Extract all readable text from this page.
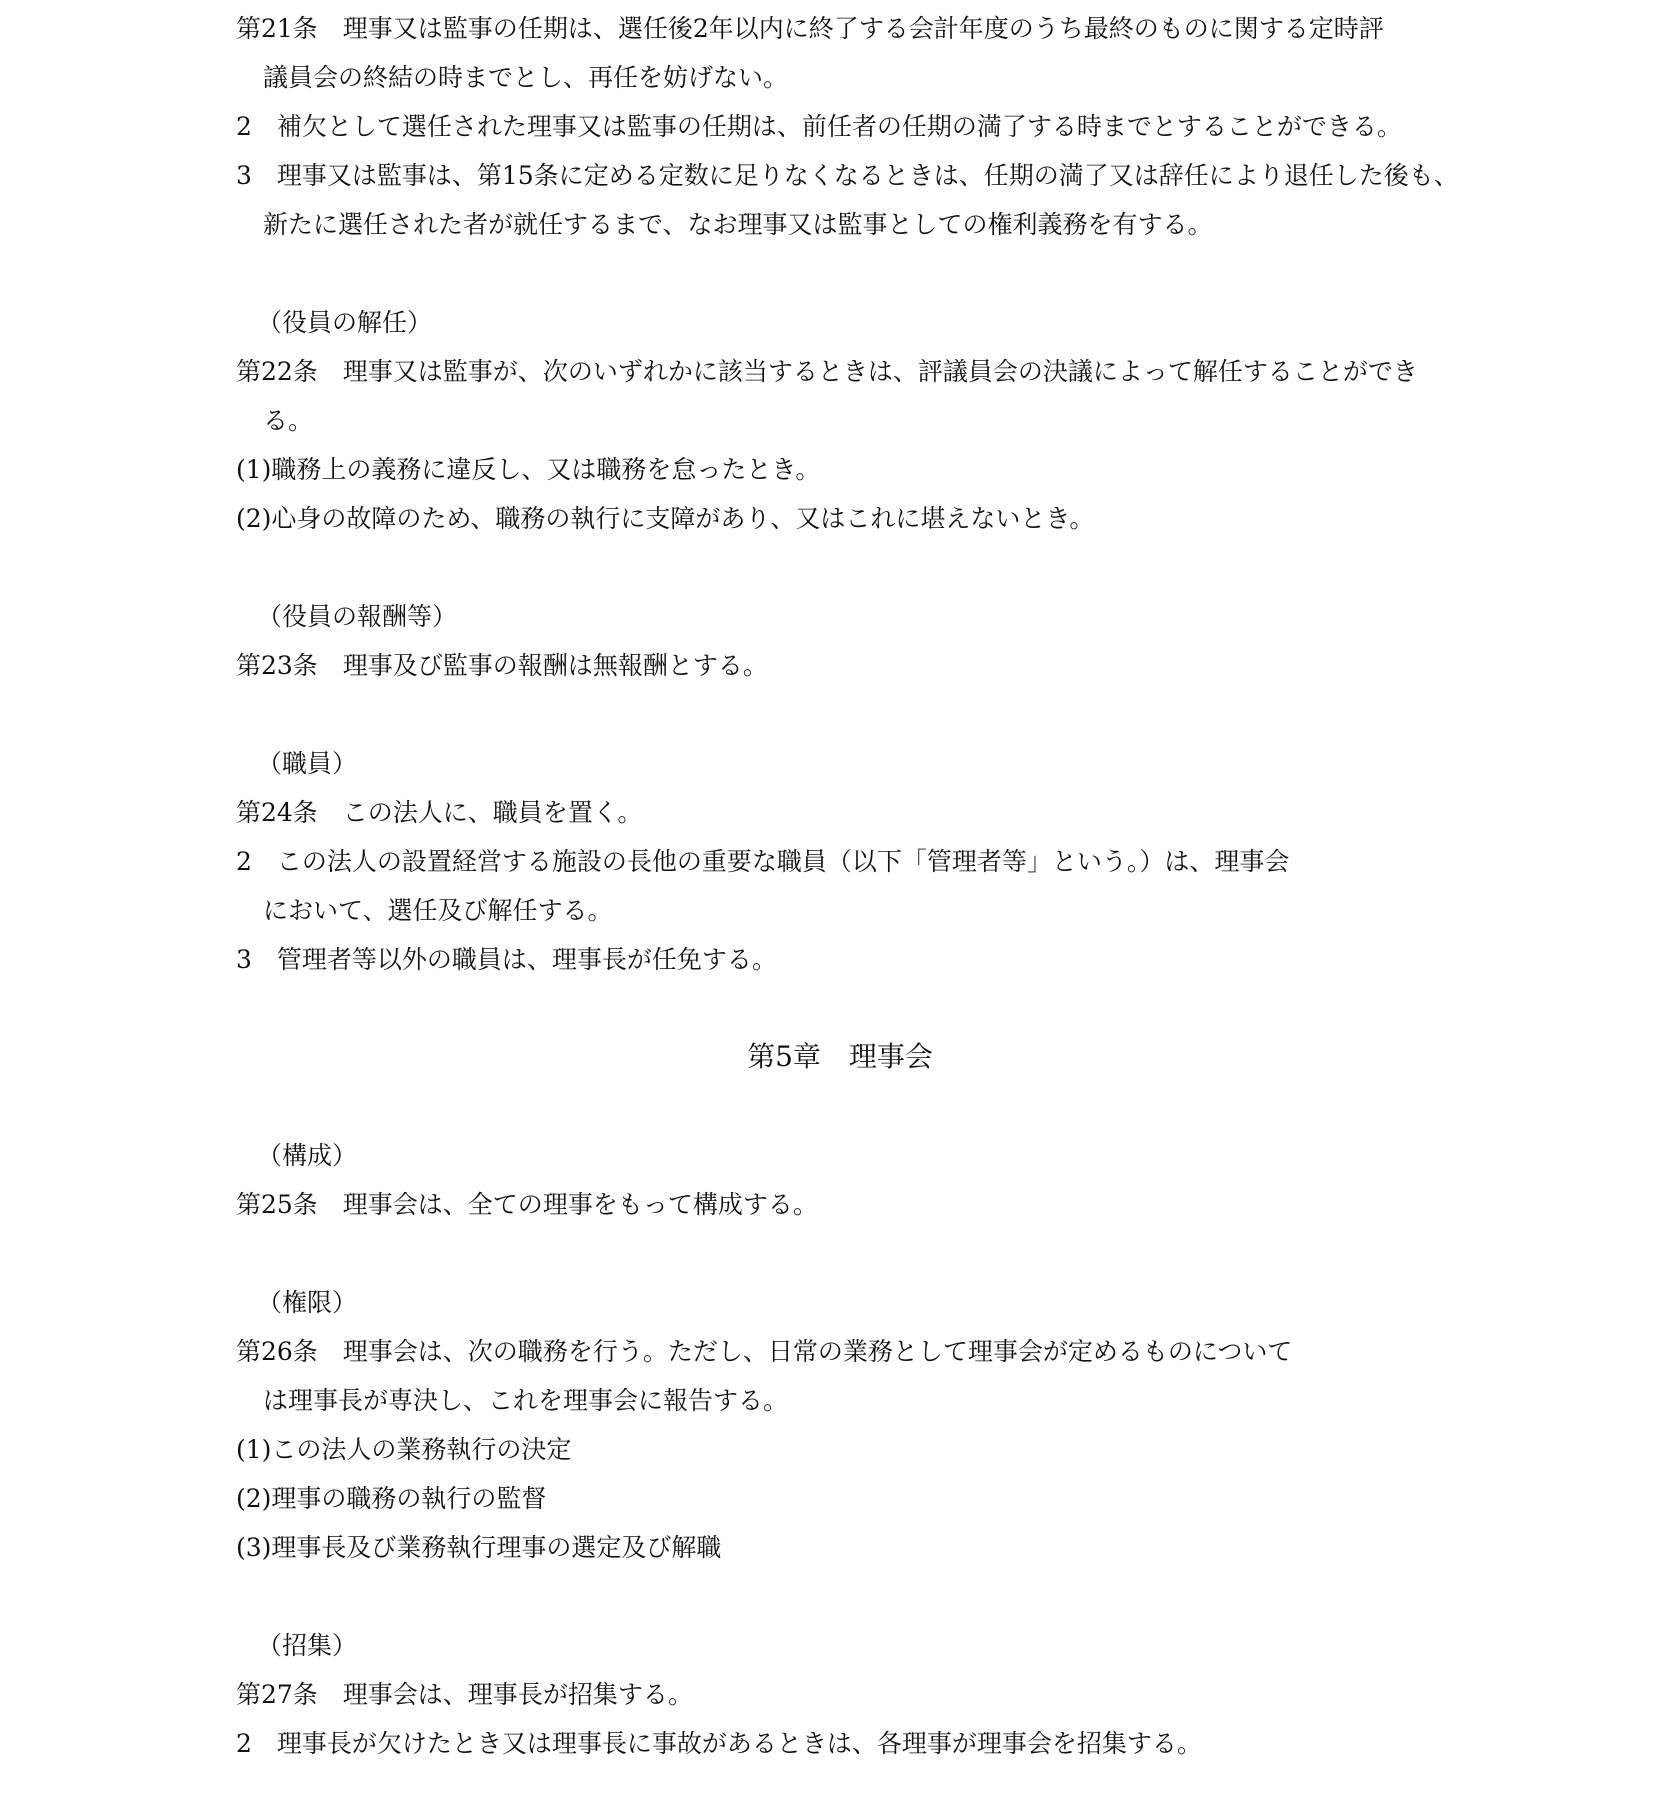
第21条　理事又は監事の任期は、選任後2年以内に終了する会計年度のうち最終のものに関する定時評
議員会の終結の時までとし、再任を妨げない。
2　補欠として選任された理事又は監事の任期は、前任者の任期の満了する時までとすることができる。
3　理事又は監事は、第15条に定める定数に足りなくなるときは、任期の満了又は辞任により退任した後も、
新たに選任された者が就任するまで、なお理事又は監事としての権利義務を有する。
（役員の解任）
第22条　理事又は監事が、次のいずれかに該当するときは、評議員会の決議によって解任することができ
る。
(1)職務上の義務に違反し、又は職務を怠ったとき。
(2)心身の故障のため、職務の執行に支障があり、又はこれに堪えないとき。
（役員の報酬等）
第23条　理事及び監事の報酬は無報酬とする。
（職員）
第24条　この法人に、職員を置く。
2　この法人の設置経営する施設の長他の重要な職員（以下「管理者等」という。）は、理事会
において、選任及び解任する。
3　管理者等以外の職員は、理事長が任免する。
第5章　理事会
（構成）
第25条　理事会は、全ての理事をもって構成する。
（権限）
第26条　理事会は、次の職務を行う。ただし、日常の業務として理事会が定めるものについて
は理事長が専決し、これを理事会に報告する。
(1)この法人の業務執行の決定
(2)理事の職務の執行の監督
(3)理事長及び業務執行理事の選定及び解職
（招集）
第27条　理事会は、理事長が招集する。
2　理事長が欠けたとき又は理事長に事故があるときは、各理事が理事会を招集する。
